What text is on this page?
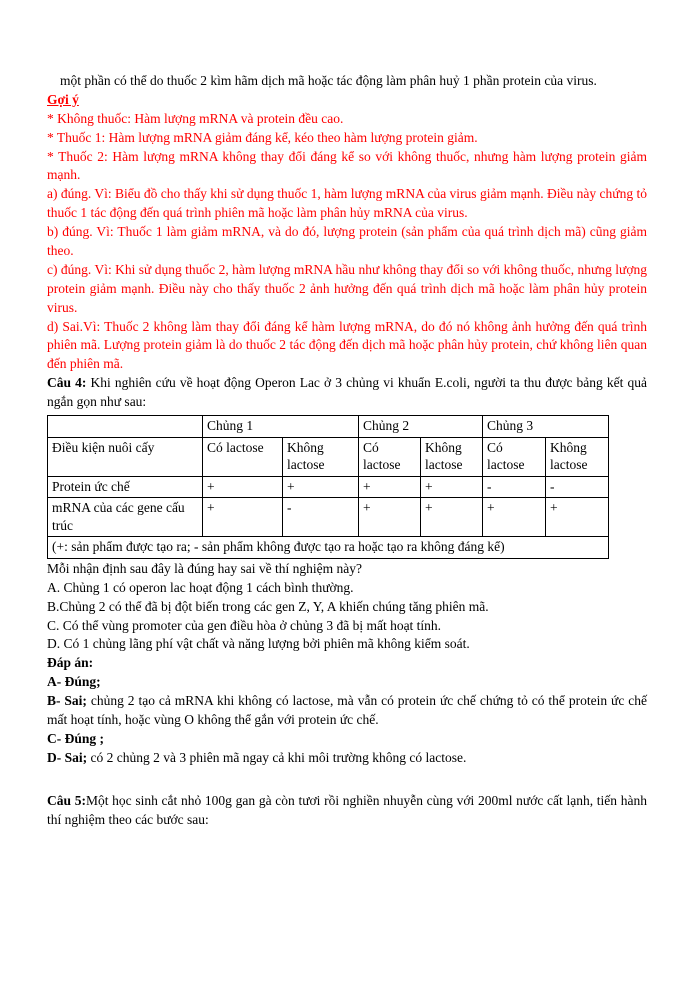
một phần có thể do thuốc 2 kìm hãm dịch mã hoặc tác động làm phân huỷ 1 phần protein của virus.

Gợi ý

* Không thuốc: Hàm lượng mRNA và protein đều cao.

* Thuốc 1: Hàm lượng mRNA giảm đáng kể, kéo theo hàm lượng protein giảm.

* Thuốc 2: Hàm lượng mRNA không thay đổi đáng kể so với không thuốc, nhưng hàm lượng protein giảm mạnh.

a) đúng. Vì: Biểu đồ cho thấy khi sử dụng thuốc 1, hàm lượng mRNA của virus giảm mạnh. Điều này chứng tỏ thuốc 1 tác động đến quá trình phiên mã hoặc làm phân hủy mRNA của virus.

b) đúng. Vì: Thuốc 1 làm giảm mRNA, và do đó, lượng protein (sản phẩm của quá trình dịch mã) cũng giảm theo.

c) đúng. Vì: Khi sử dụng thuốc 2, hàm lượng mRNA hầu như không thay đổi so với không thuốc, nhưng lượng protein giảm mạnh. Điều này cho thấy thuốc 2 ảnh hưởng đến quá trình dịch mã hoặc làm phân hủy protein virus.

d) Sai.Vì: Thuốc 2 không làm thay đổi đáng kể hàm lượng mRNA, do đó nó không ảnh hưởng đến quá trình phiên mã. Lượng protein giảm là do thuốc 2 tác động đến dịch mã hoặc phân hủy protein, chứ không liên quan đến phiên mã.

Câu 4: Khi nghiên cứu về hoạt động Operon Lac ở 3 chủng vi khuẩn E.coli, người ta thu được bảng kết quả ngắn gọn như sau:

	Chủng 1		Chủng 2		Chủng 3	
Điều kiện nuôi cấy	Có lactose	Không lactose	Có lactose	Không lactose	Có lactose	Không lactose
Protein ức chế	+	+	+	+	-	-
mRNA của các gene cấu trúc	+	-	+	+	+	+
(+: sản phẩm được tạo ra; - sản phẩm không được tạo ra hoặc tạo ra không đáng kể)						

Mỗi nhận định sau đây là đúng hay sai về thí nghiệm này?

A. Chủng 1 có operon lac hoạt động 1 cách bình thường.

B.Chủng 2 có thể đã bị đột biến trong các gen Z, Y, A khiến chúng tăng phiên mã.

C. Có thể vùng promoter của gen điều hòa ở chủng 3 đã bị mất hoạt tính.

D. Có 1 chủng lãng phí vật chất và năng lượng bởi phiên mã không kiểm soát.

Đáp án:

A- Đúng;

B- Sai; chủng 2 tạo cả mRNA khi không có lactose, mà vẫn có protein ức chế chứng tỏ có thể protein ức chế mất hoạt tính, hoặc vùng O không thể gắn với protein ức chế.

C- Đúng ;

D- Sai; có 2 chủng 2 và 3 phiên mã ngay cả khi môi trường không có lactose.

Câu 5:Một học sinh cắt nhỏ 100g gan gà còn tươi rồi nghiền nhuyễn cùng với 200ml nước cất lạnh, tiến hành thí nghiệm theo các bước sau:
